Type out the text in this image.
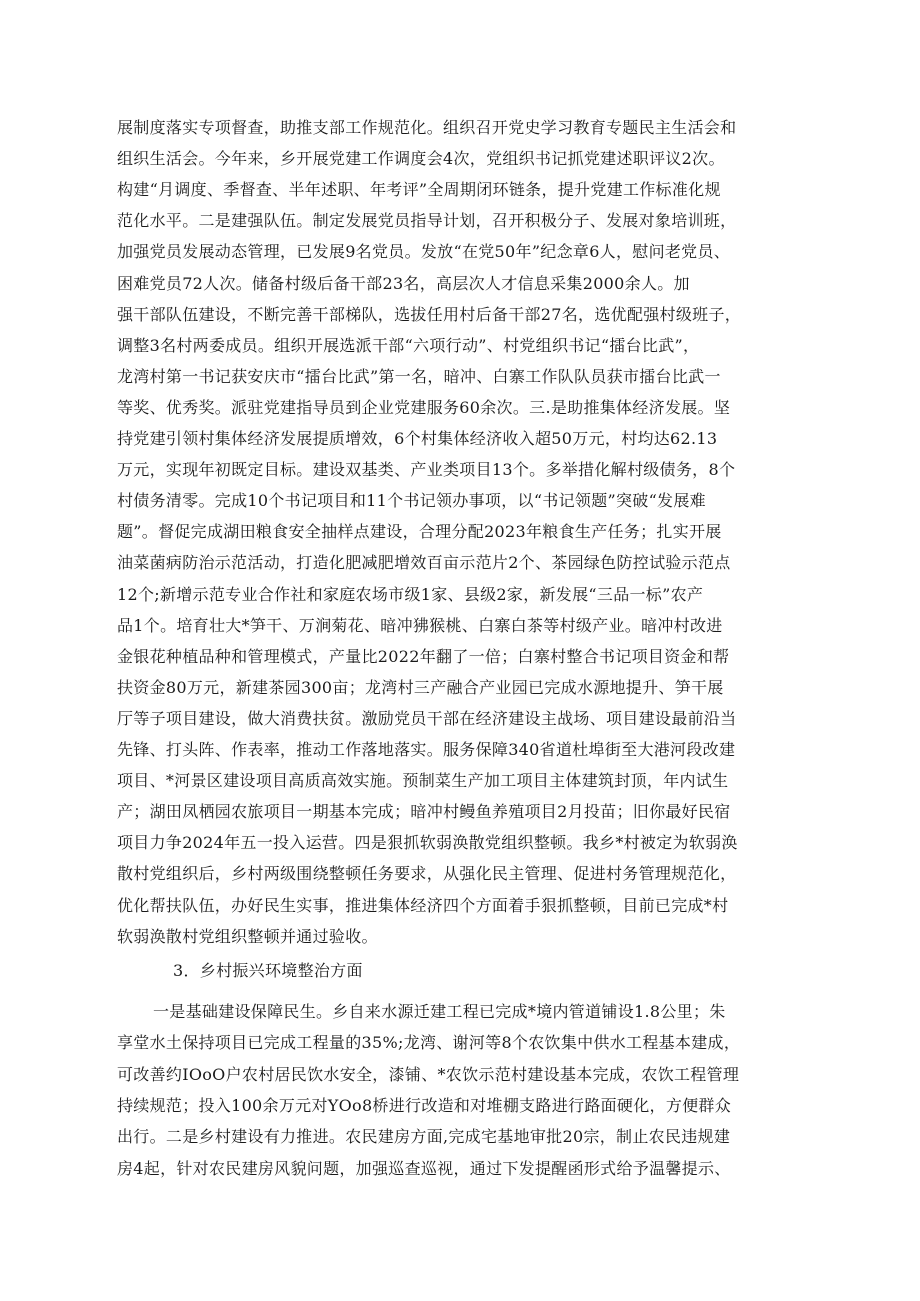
展制度落实专项督查，助推支部工作规范化。组织召开党史学习教育专题民主生活会和
组织生活会。今年来，乡开展党建工作调度会4次，党组织书记抓党建述职评议2次。
构建“月调度、季督查、半年述职、年考评”全周期闭环链条，提升党建工作标准化规
范化水平。二是建强队伍。制定发展党员指导计划，召开积极分子、发展对象培训班，
加强党员发展动态管理，已发展9名党员。发放“在党50年”纪念章6人，慰问老党员、
困难党员72人次。储备村级后备干部23名，高层次人才信息采集2000余人。加
强干部队伍建设，不断完善干部梯队，选拔任用村后备干部27名，选优配强村级班子，
调整3名村两委成员。组织开展选派干部“六项行动”、村党组织书记“擂台比武”，
龙湾村第一书记获安庆市“擂台比武”第一名，暗冲、白寨工作队队员获市擂台比武一
等奖、优秀奖。派驻党建指导员到企业党建服务60余次。三.是助推集体经济发展。坚
持党建引领村集体经济发展提质增效，6个村集体经济收入超50万元，村均达62.13
万元，实现年初既定目标。建设双基类、产业类项目13个。多举措化解村级债务，8个
村债务清零。完成10个书记项目和11个书记领办事项，以“书记领题”突破“发展难
题”。督促完成湖田粮食安全抽样点建设，合理分配2023年粮食生产任务；扎实开展
油菜菌病防治示范活动，打造化肥减肥增效百亩示范片2个、茶园绿色防控试验示范点
12个;新增示范专业合作社和家庭农场市级1家、县级2家，新发展“三品一标”农产
品1个。培育壮大*笋干、万涧菊花、暗冲狒猴桃、白寨白茶等村级产业。暗冲村改进
金银花种植品种和管理模式，产量比2022年翻了一倍；白寨村整合书记项目资金和帮
扶资金80万元，新建茶园300亩；龙湾村三产融合产业园已完成水源地提升、笋干展
厅等子项目建设，做大消费扶贫。激励党员干部在经济建设主战场、项目建设最前沿当
先锋、打头阵、作表率，推动工作落地落实。服务保障340省道杜埠街至大港河段改建
项目、*河景区建设项目高质高效实施。预制菜生产加工项目主体建筑封顶，年内试生
产；湖田凤栖园农旅项目一期基本完成；暗冲村鳗鱼养殖项目2月投苗；旧你最好民宿
项目力争2024年五一投入运营。四是狠抓软弱涣散党组织整顿。我乡*村被定为软弱涣
散村党组织后，乡村两级围绕整顿任务要求，从强化民主管理、促进村务管理规范化，
优化帮扶队伍，办好民生实事，推进集体经济四个方面着手狠抓整顿，目前已完成*村
软弱涣散村党组织整顿并通过验收。
3．乡村振兴环境整治方面
一是基础建设保障民生。乡自来水源迁建工程已完成*境内管道铺设1.8公里；朱
享堂水土保持项目已完成工程量的35%;龙湾、谢河等8个农饮集中供水工程基本建成，
可改善约IOoO户农村居民饮水安全，漆铺、*农饮示范村建设基本完成，农饮工程管理
持续规范；投入100余万元对YOo8桥进行改造和对堆棚支路进行路面硬化，方便群众
出行。二是乡村建设有力推进。农民建房方面,完成宅基地审批20宗，制止农民违规建
房4起，针对农民建房风貌问题，加强巡查巡视，通过下发提醒函形式给予温馨提示、
